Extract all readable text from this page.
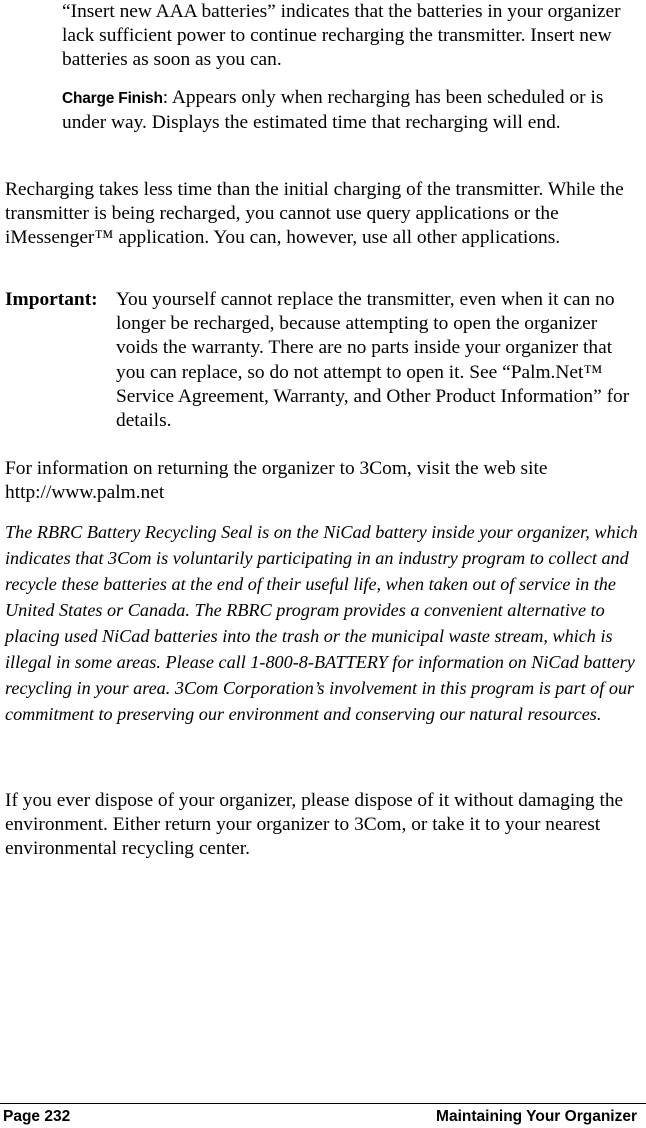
“Insert new AAA batteries” indicates that the batteries in your organizer lack sufficient power to continue recharging the transmitter. Insert new batteries as soon as you can.

Charge Finish: Appears only when recharging has been scheduled or is under way. Displays the estimated time that recharging will end.

Recharging takes less time than the initial charging of the transmitter. While the transmitter is being recharged, you cannot use query applications or the iMessenger™ application. You can, however, use all other applications.

Important: You yourself cannot replace the transmitter, even when it can no longer be recharged, because attempting to open the organizer voids the warranty. There are no parts inside your organizer that you can replace, so do not attempt to open it. See “Palm.Net™ Service Agreement, Warranty, and Other Product Information” for details.

For information on returning the organizer to 3Com, visit the web site http://www.palm.net

The RBRC Battery Recycling Seal is on the NiCad battery inside your organizer, which indicates that 3Com is voluntarily participating in an industry program to collect and recycle these batteries at the end of their useful life, when taken out of service in the United States or Canada. The RBRC program provides a convenient alternative to placing used NiCad batteries into the trash or the municipal waste stream, which is illegal in some areas. Please call 1-800-8-BATTERY for information on NiCad battery recycling in your area. 3Com Corporation’s involvement in this program is part of our commitment to preserving our environment and conserving our natural resources.

If you ever dispose of your organizer, please dispose of it without damaging the environment. Either return your organizer to 3Com, or take it to your nearest environmental recycling center.

Page 232	Maintaining Your Organizer
